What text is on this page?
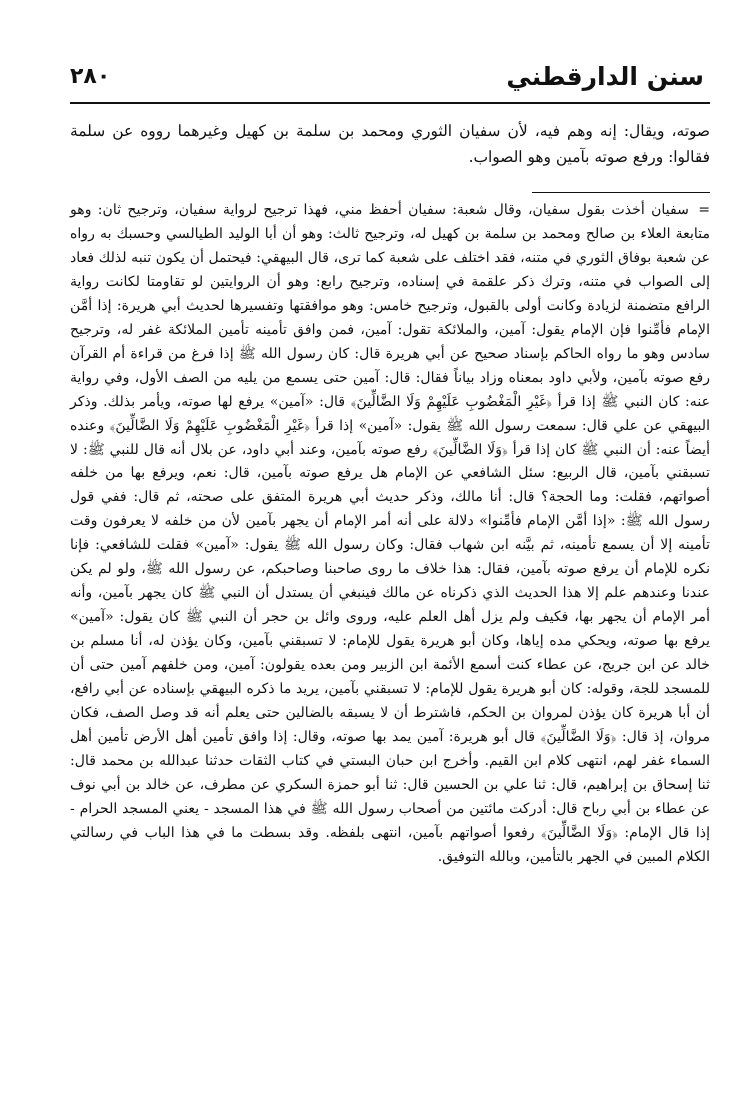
سنن الدارقطني
٢٨٠

صوته، ويقال: إنه وهم فيه، لأن سفيان الثوري ومحمد بن سلمة بن كهيل وغيرهما رووه عن سلمة فقالوا: ورفع صوته بآمين وهو الصواب.

= سفيان أخذت بقول سفيان، وقال شعبة: سفيان أحفظ مني، فهذا ترجيح لرواية سفيان، وترجيح ثان: وهو متابعة العلاء بن صالح ومحمد بن سلمة بن كهيل له، وترجيح ثالث: وهو أن أبا الوليد الطيالسي وحسبك به رواه عن شعبة بوفاق الثوري في متنه، فقد اختلف على شعبة كما ترى، قال البيهقي: فيحتمل أن يكون تنبه لذلك فعاد إلى الصواب في متنه، وترك ذكر علقمة في إسناده، وترجيح رابع: وهو أن الروايتين لو تقاومتا لكانت رواية الرافع متضمنة لزيادة وكانت أولى بالقبول، وترجيح خامس: وهو موافقتها وتفسيرها لحديث أبي هريرة: إذا أمَّن الإمام فأمِّنوا فإن الإمام يقول: آمين، والملائكة تقول: آمين، فمن وافق تأمينه تأمين الملائكة غفر له، وترجيح سادس وهو ما رواه الحاكم بإسناد صحيح عن أبي هريرة قال: كان رسول الله ﷺ إذا فرغ من قراءة أم القرآن رفع صوته بآمين، ولأبي داود بمعناه وزاد بياناً فقال: قال: آمين حتى يسمع من يليه من الصف الأول، وفي رواية عنه: كان النبي ﷺ إذا قرأ ﴿غَيْرِ الْمَغْضُوبِ عَلَيْهِمْ وَلَا الضَّالِّينَ﴾ قال: «آمين» يرفع لها صوته، ويأمر بذلك. وذكر البيهقي عن علي قال: سمعت رسول الله ﷺ يقول: «آمين» إذا قرأ ﴿غَيْرِ الْمَغْضُوبِ عَلَيْهِمْ وَلَا الضَّالِّينَ﴾ وعنده أيضاً عنه: أن النبي ﷺ كان إذا قرأ ﴿وَلَا الضَّالِّينَ﴾ رفع صوته بآمين، وعند أبي داود، عن بلال أنه قال للنبي ﷺ: لا تسبقني بآمين، قال الربيع: سئل الشافعي عن الإمام هل يرفع صوته بآمين، قال: نعم، ويرفع بها من خلفه أصواتهم، فقلت: وما الحجة؟ قال: أنا مالك، وذكر حديث أبي هريرة المتفق على صحته، ثم قال: ففي قول رسول الله ﷺ: «إذا أمَّن الإمام فأمِّنوا» دلالة على أنه أمر الإمام أن يجهر بآمين لأن من خلفه لا يعرفون وقت تأمينه إلا أن يسمع تأمينه، ثم بيَّنه ابن شهاب فقال: وكان رسول الله ﷺ يقول: «آمين» فقلت للشافعي: فإنا نكره للإمام أن يرفع صوته بآمين، فقال: هذا خلاف ما روى صاحبنا وصاحبكم، عن رسول الله ﷺ، ولو لم يكن عندنا وعندهم علم إلا هذا الحديث الذي ذكرناه عن مالك فينبغي أن يستدل أن النبي ﷺ كان يجهر بآمين، وأنه أمر الإمام أن يجهر بها، فكيف ولم يزل أهل العلم عليه، وروى وائل بن حجر أن النبي ﷺ كان يقول: «آمين» يرفع بها صوته، ويحكي مده إياها، وكان أبو هريرة يقول للإمام: لا تسبقني بآمين، وكان يؤذن له، أنا مسلم بن خالد عن ابن جريج، عن عطاء كنت أسمع الأئمة ابن الزبير ومن بعده يقولون: آمين، ومن خلفهم آمين حتى أن للمسجد للجة، وقوله: كان أبو هريرة يقول للإمام: لا تسبقني بآمين، يريد ما ذكره البيهقي بإسناده عن أبي رافع، أن أبا هريرة كان يؤذن لمروان بن الحكم، فاشترط أن لا يسبقه بالضالين حتى يعلم أنه قد وصل الصف، فكان مروان، إذ قال: ﴿وَلَا الضَّالِّينَ﴾ قال أبو هريرة: آمين يمد بها صوته، وقال: إذا وافق تأمين أهل الأرض تأمين أهل السماء غفر لهم، انتهى كلام ابن القيم. وأخرج ابن حبان البستي في كتاب الثقات حدثنا عبدالله بن محمد قال: ثنا إسحاق بن إبراهيم، قال: ثنا علي بن الحسين قال: ثنا أبو حمزة السكري عن مطرف، عن خالد بن أبي نوف عن عطاء بن أبي رباح قال: أدركت مائتين من أصحاب رسول الله ﷺ في هذا المسجد - يعني المسجد الحرام - إذا قال الإمام: ﴿وَلَا الضَّالِّينَ﴾ رفعوا أصواتهم بآمين، انتهى بلفظه. وقد بسطت ما في هذا الباب في رسالتي الكلام المبين في الجهر بالتأمين، وبالله التوفيق.
